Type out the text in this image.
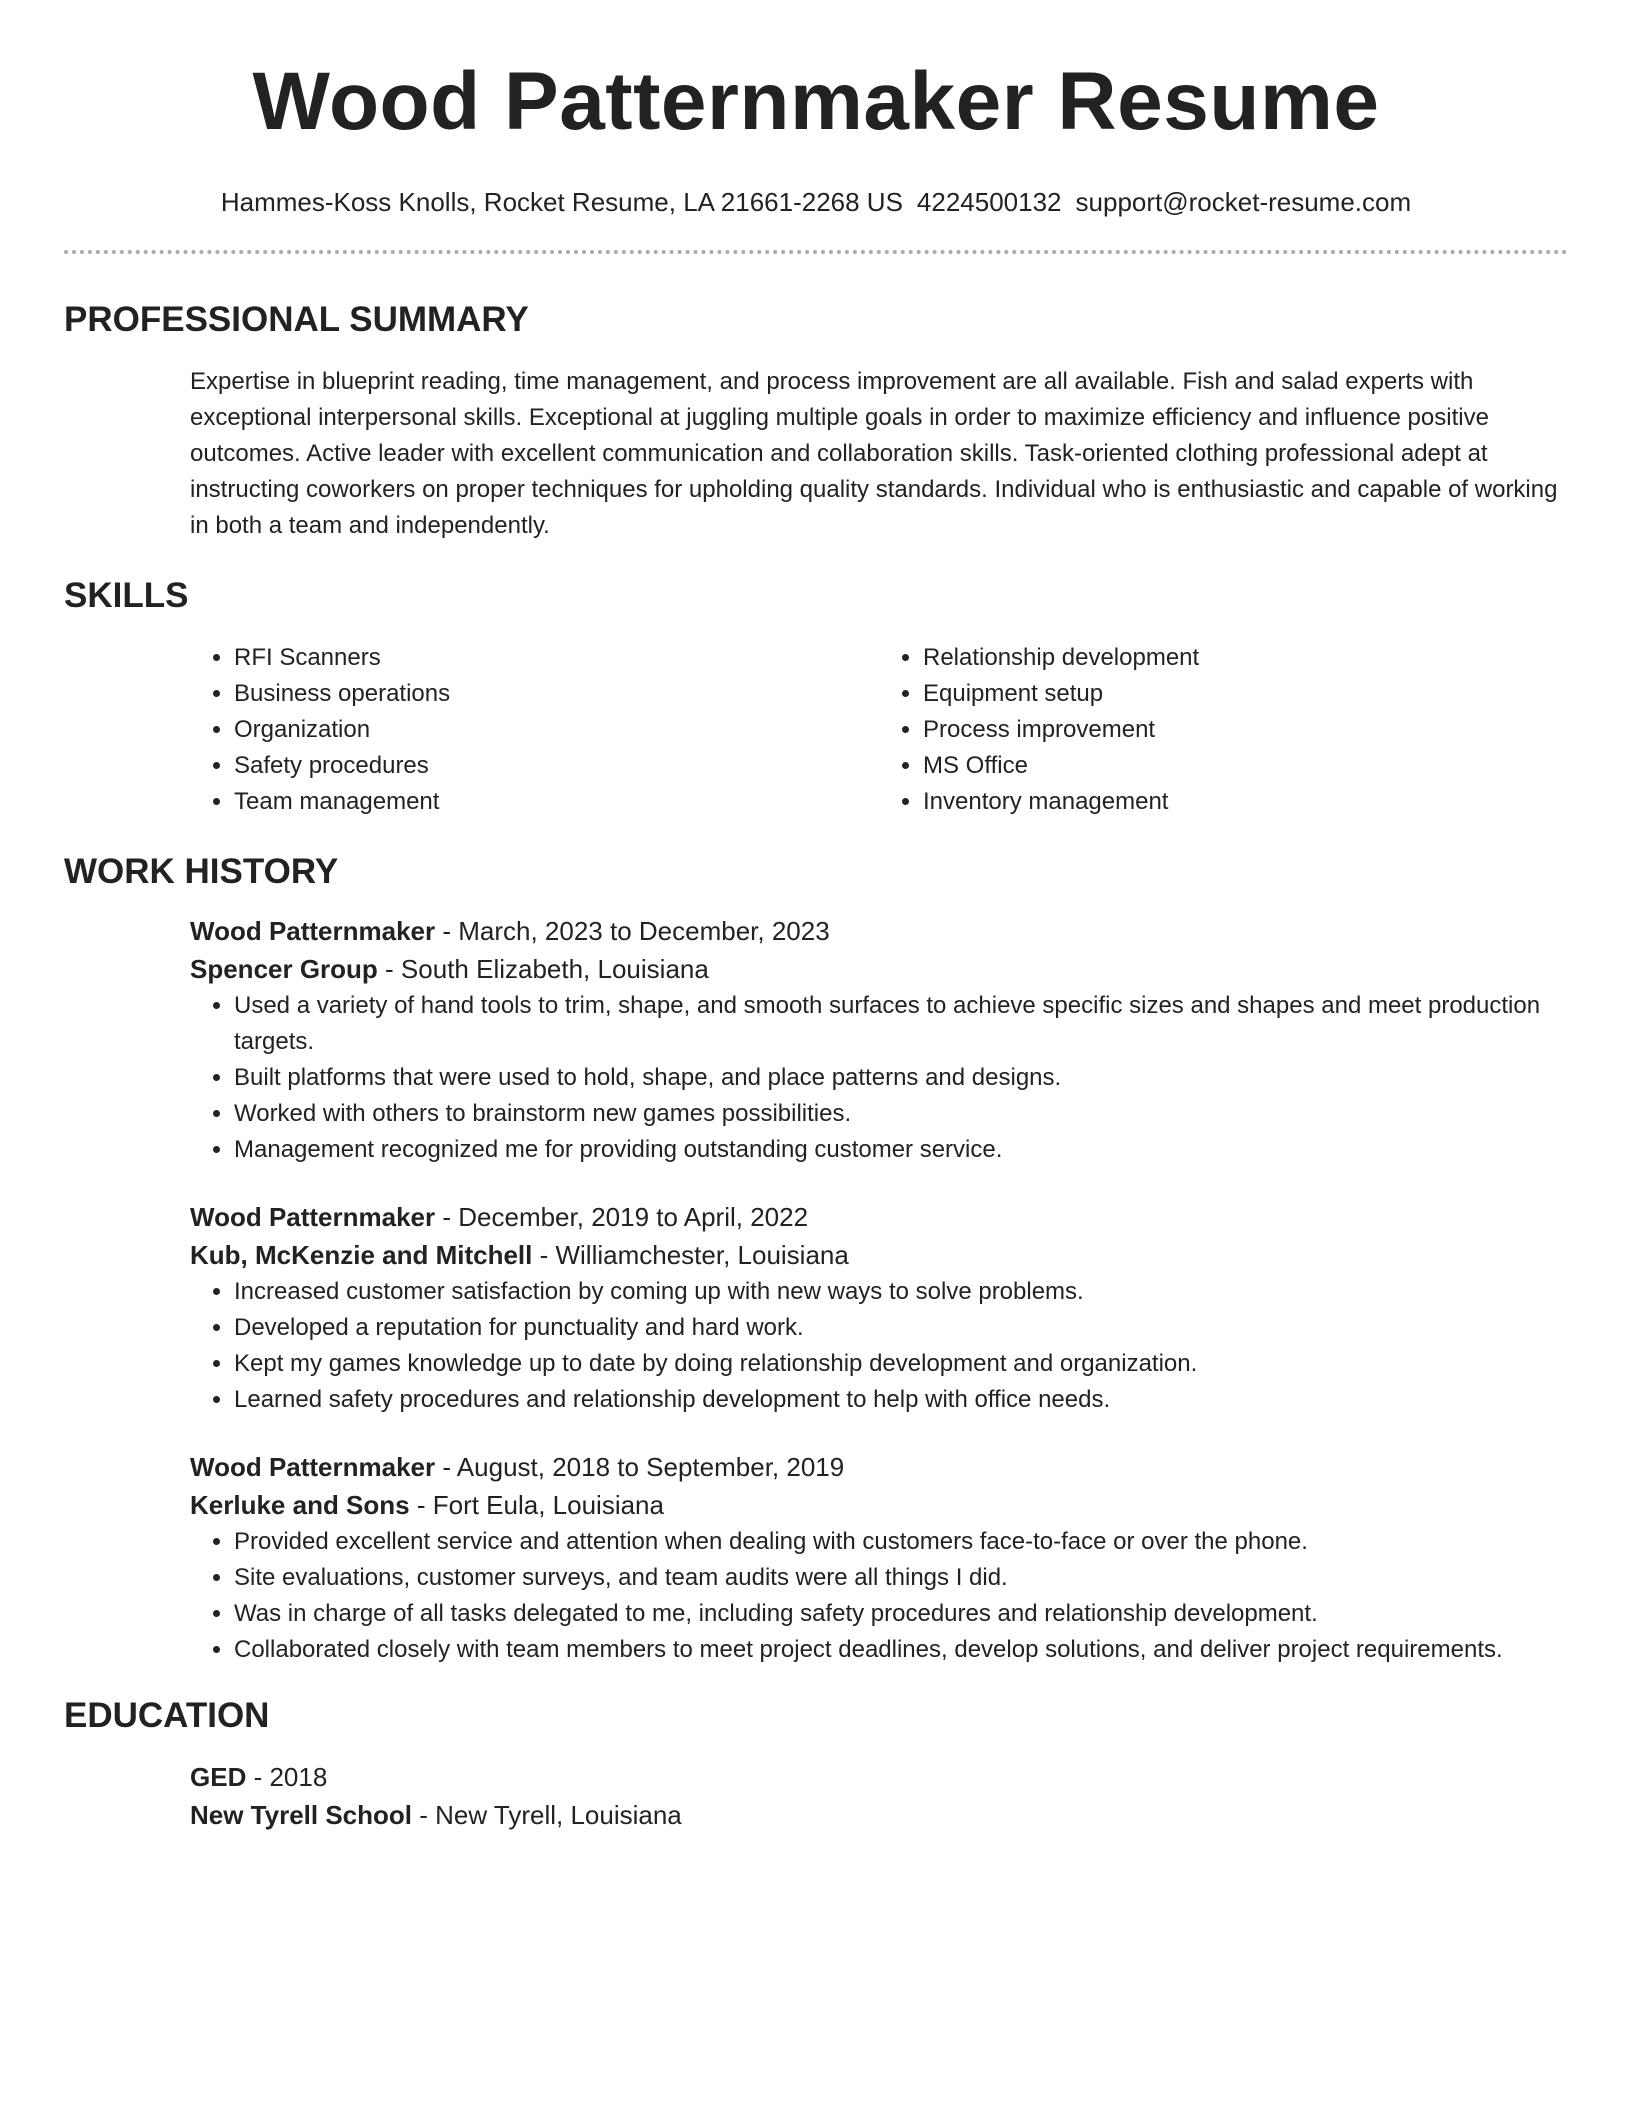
Wood Patternmaker Resume
Hammes-Koss Knolls, Rocket Resume, LA 21661-2268 US 4224500132 support@rocket-resume.com
PROFESSIONAL SUMMARY

Expertise in blueprint reading, time management, and process improvement are all available. Fish and salad experts with exceptional interpersonal skills. Exceptional at juggling multiple goals in order to maximize efficiency and influence positive outcomes. Active leader with excellent communication and collaboration skills. Task-oriented clothing professional adept at instructing coworkers on proper techniques for upholding quality standards. Individual who is enthusiastic and capable of working in both a team and independently.

SKILLS
• RFI Scanners
• Business operations
• Organization
• Safety procedures
• Team management
• Relationship development
• Equipment setup
• Process improvement
• MS Office
• Inventory management
WORK HISTORY
Wood Patternmaker - March, 2023 to December, 2023
Spencer Group - South Elizabeth, Louisiana
• Used a variety of hand tools to trim, shape, and smooth surfaces to achieve specific sizes and shapes and meet production targets.
• Built platforms that were used to hold, shape, and place patterns and designs.
• Worked with others to brainstorm new games possibilities.
• Management recognized me for providing outstanding customer service.
Wood Patternmaker - December, 2019 to April, 2022
Kub, McKenzie and Mitchell - Williamchester, Louisiana
• Increased customer satisfaction by coming up with new ways to solve problems.
• Developed a reputation for punctuality and hard work.
• Kept my games knowledge up to date by doing relationship development and organization.
• Learned safety procedures and relationship development to help with office needs.
Wood Patternmaker - August, 2018 to September, 2019
Kerluke and Sons - Fort Eula, Louisiana
• Provided excellent service and attention when dealing with customers face-to-face or over the phone.
• Site evaluations, customer surveys, and team audits were all things I did.
• Was in charge of all tasks delegated to me, including safety procedures and relationship development.
• Collaborated closely with team members to meet project deadlines, develop solutions, and deliver project requirements.
EDUCATION
GED - 2018
New Tyrell School - New Tyrell, Louisiana
